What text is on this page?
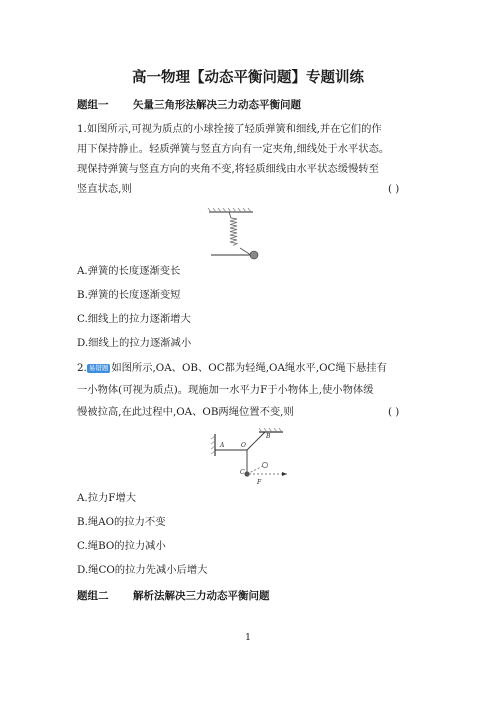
高一物理【动态平衡问题】专题训练
题组一 矢量三角形法解决三力动态平衡问题
1.如图所示,可视为质点的小球拴接了轻质弹簧和细线,并在它们的作
用下保持静止。轻质弹簧与竖直方向有一定夹角,细线处于水平状态。
现保持弹簧与竖直方向的夹角不变,将轻质细线由水平状态缓慢转至
竖直状态,则	( )
A.弹簧的长度逐渐变长
B.弹簧的长度逐渐变短
C.细线上的拉力逐渐增大
D.细线上的拉力逐渐减小
2. 易错题 如图所示,OA、OB、OC都为轻绳,OA绳水平,OC绳下悬挂有
一小物体(可视为质点)。现施加一水平力F于小物体上,使小物体缓
慢被拉高,在此过程中,OA、OB两绳位置不变,则	( )
A	O
B
C
F
A.拉力F增大
B.绳AO的拉力不变
C.绳BO的拉力减小
D.绳CO的拉力先减小后增大
题组二 解析法解决三力动态平衡问题
1
